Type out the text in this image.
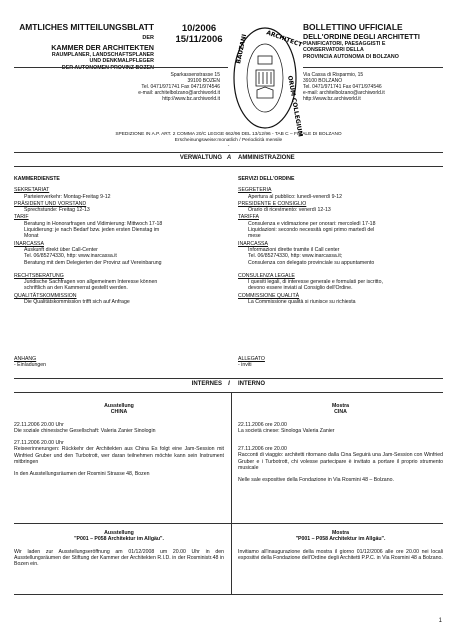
AMTLICHES MITTEILUNGSBLATT DER
KAMMER DER ARCHITEKTEN
RAUMPLANER, LANDSCHAFTSPLANER
UND DENKMALPFLEGER
DER AUTONOMEN PROVINZ BOZEN
10/2006
15/11/2006	BAUZANI	ARCHITECT
ORUM COLLEGIUM
BOLLETTINO UFFICIALE
DELL'ORDINE DEGLI ARCHITETTI
PIANIFICATORI, PAESAGGISTI E
CONSERVATORI DELLA
PROVINCIA AUTONOMA DI BOLZANO
Sparkassenstrasse 15
39100 BOZEN
Tel. 0471/971741 Fax 0471/974546
e-mail: architelbolzano@archiworld.it
http://www.bz.archiworld.it
Via Cassa di Risparmio, 15
39100 BOLZANO
Tel. 0471/971741 Fax 0471/974546
e-mail: architelbolzano@archiworld.it
http://www.bz.archiworld.it
SPEDIZIONE IN A.P. ART. 2 COMMA 20/C LEGGE 662/96 DEL 13/12/96 - TAB C – FILIALE DI BOLZANO
Erscheinungsweise:monatlich / Periodicità mensile
-
VERWALTUNG A	AMMINISTRAZIONE
KAMMERDIENSTE
SEKRETARIAT
Parteienverkehr: Montag-Freitag 9-12
PRÄSIDENT UND VORSTAND
Sprechstunde: Freitag 12-13
TARIF
Beratung in Honorarfragen und Vidimierung: Mittwoch 17-18
Liquidierung: je nach Bedarf bzw. jeden ersten Dienstag im
Monat
INARCASSA
Auskunft direkt über Call-Center
Tel. 06/85274330, http: www.inarcassa.it
Beratung mit dem Delegierten der Provinz auf Vereinbarung
RECHTSBERATUNG
Juridische Sachfragen von allgemeinem Interesse können
schriftlich an den Kammerrat gestellt werden.
QUALITÄTSKOMMISSION
Die Qualitätskommission trifft sich auf Anfrage
SERVIZI DELL'ORDINE
SEGRETERIA
Apertura al pubblico: lunedì-venerdì 9-12
PRESIDENTE E CONSIGLIO
Orario di ricevimento: venerdì 12-13
TARIFFA
Consulenza e vidimazione per onorari: mercoledì 17-18
Liquidazioni: secondo necessità ogni primo martedì del
mese
INARCASSA
Informazioni dirette tramite il Call center
Tel. 06/85274330, http: www.inarcassa.it;
Consulenza con delegato provinciale su appuntamento
CONSULENZA LEGALE
I quesiti legali, di interesse generale e formulati per iscritto,
devono essere inviati al Consiglio dell'Ordine.
COMMISSIONE QUALITÀ
La Commissione qualità si riunisce su richiesta
ANHANG
- Einladungen
ALLEGATO
- inviti
INTERNES	I	INTERNO
Ausstellung
CHINA
22.11.2006 20.00 Uhr
Die soziale chinesische Gesellschaft: Valeria Zanier Sinologin
27.11.2006 20.00 Uhr
Reiseerinnerungen: Rückkehr der Architekten aus China Es folgt eine Jam-Session mit Winfried Gruber und den Turbotrott, wer daran teilnehmen möchte kann sein Instrument mitbringen
In den Ausstellungsräumen der Rosmini Strasse 48, Bozen
Mostra
CINA
22.11.2006 ore 20.00
La società cinese: Sinologa Valeria Zanier
27.11.2006 ore 20.00
Racconti di viaggio: architetti ritornano dalla Cina Seguirà una Jam-Session con Winfried Gruber e i Turbotrott, chi volesse partecipare è invitato a portare il proprio strumento musicale
Nelle sale espositive della Fondazione in Via Rosmini 48 – Bolzano.
Ausstellung
"P001 – P058 Architektur im Allgäu".
Wir laden zur Ausstellungseröffnung am 01/12/2008 um 20.00 Uhr in den Ausstellungsräumen der Stiftung der Kammer der Architekten R.I.D. in der Rosministr.48 in Bozen ein.
Mostra
"P001 – P058 Architektur im Allgäu".
Invitiamo all'inaugurazione della mostra il giorno 01/12/2006 alle ore 20.00 nei locali espositivi della Fondazione dell'Ordine degli Architetti P.P.C. in Via Rosmini 48 a Bolzano.
1
